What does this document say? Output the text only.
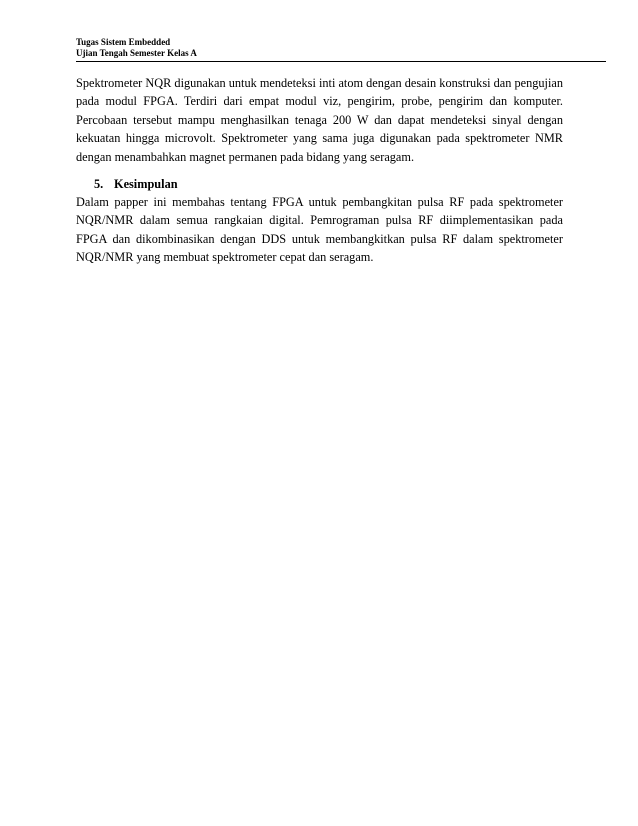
Tugas Sistem Embedded
Ujian Tengah Semester Kelas A

Spektrometer NQR digunakan untuk mendeteksi inti atom dengan desain konstruksi dan pengujian
pada modul FPGA. Terdiri dari empat modul viz, pengirim, probe, pengirim dan komputer.
Percobaan tersebut mampu menghasilkan tenaga 200 W dan dapat mendeteksi sinyal dengan
kekuatan hingga microvolt. Spektrometer yang sama juga digunakan pada spektrometer NMR
dengan menambahkan magnet permanen pada bidang yang seragam.

5. Kesimpulan

Dalam papper ini membahas tentang FPGA untuk pembangkitan pulsa RF pada spektrometer
NQR/NMR dalam semua rangkaian digital. Pemrograman pulsa RF diimplementasikan pada
FPGA dan dikombinasikan dengan DDS untuk membangkitkan pulsa RF dalam spektrometer
NQR/NMR yang membuat spektrometer cepat dan seragam.
